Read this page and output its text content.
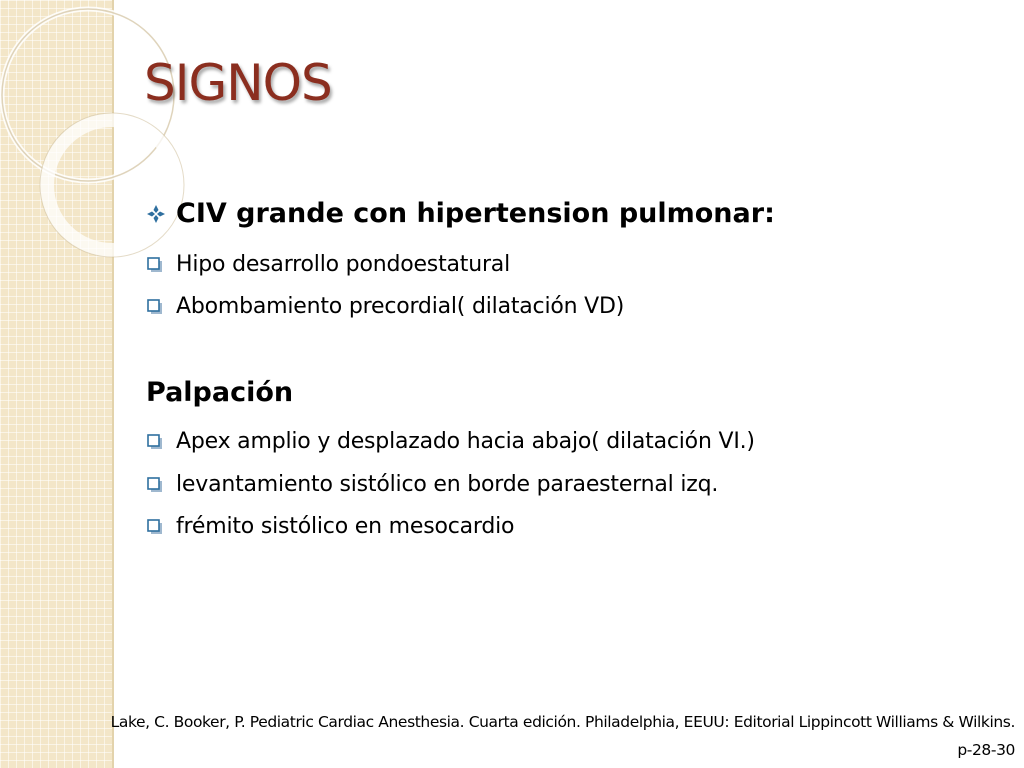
SIGNOS
CIV grande con hipertension pulmonar:
Hipo desarrollo pondoestatural
Abombamiento precordial( dilatación VD)
Palpación
Apex amplio y desplazado hacia abajo( dilatación VI.)
levantamiento sistólico en borde paraesternal izq.
frémito sistólico en mesocardio
Lake, C. Booker, P. Pediatric Cardiac Anesthesia. Cuarta edición. Philadelphia, EEUU: Editorial Lippincott Williams & Wilkins.
p-28-30
